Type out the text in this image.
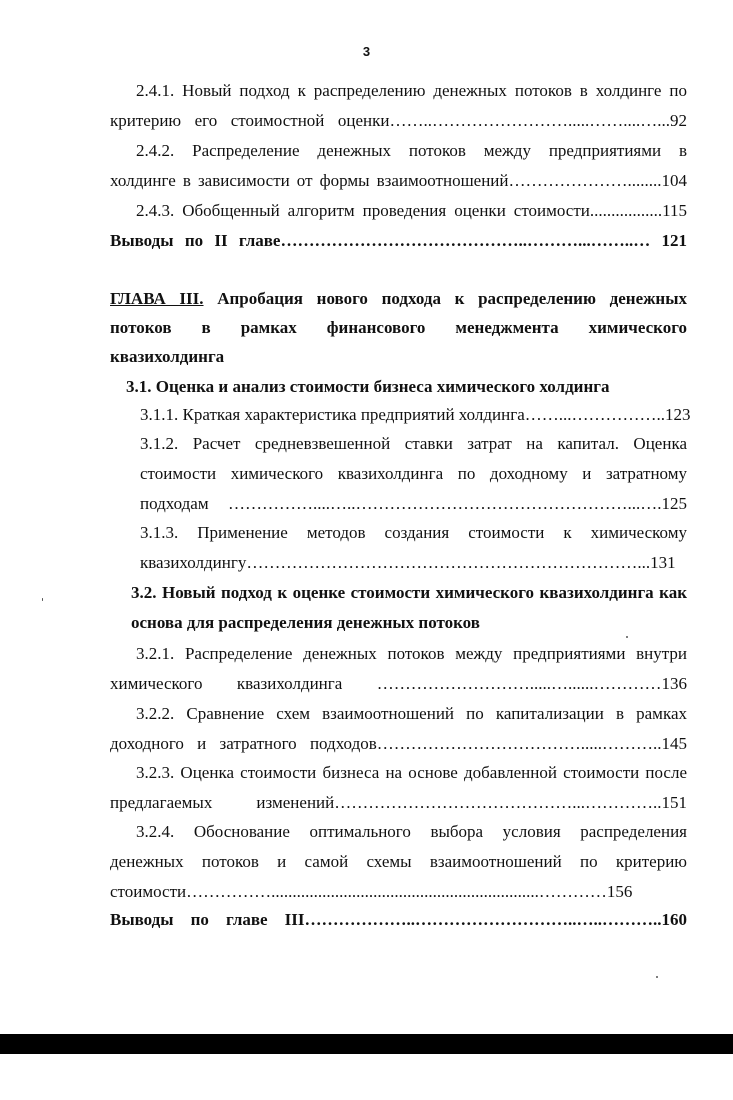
3
2.4.1. Новый подход к распределению денежных потоков в холдинге по
критерию его стоимостной оценки……..…………………….....……....…...92
2.4.2. Распределение денежных потоков между предприятиями в
холдинге в зависимости от формы взаимоотношений…………………........104
2.4.3. Обобщенный алгоритм проведения оценки стоимости.................115
Выводы по II главе……………………………………..………...……..… 121
ГЛАВА III. Апробация нового подхода к распределению денежных
потоков в рамках финансового менеджмента химического
квазихолдинга
3.1. Оценка и анализ стоимости бизнеса химического холдинга
3.1.1. Краткая характеристика предприятий холдинга……...……………..123
3.1.2. Расчет средневзвешенной ставки затрат на капитал. Оценка
стоимости химического квазихолдинга по доходному и затратному
подходам ……………....…..…………………………………………...….125
3.1.3. Применение методов создания стоимости к химическому
квазихолдингу……………………………………………………………...131
3.2. Новый подход к оценке стоимости химического квазихолдинга как
основа для распределения денежных потоков
3.2.1. Распределение денежных потоков между предприятиями внутри
химического квазихолдинга ……………………….....…......…………136
3.2.2. Сравнение схем взаимоотношений по капитализации в рамках
доходного и затратного подходов……………………………….....………..145
3.2.3. Оценка стоимости бизнеса на основе добавленной стоимости после
предлагаемых изменений……………………………………...…………..151
3.2.4. Обоснование оптимального выбора условия распределения
денежных потоков и самой схемы взаимоотношений по критерию
стоимости……………...............................................................…………156
Выводы по главе III………………..………………………..…..………..160
